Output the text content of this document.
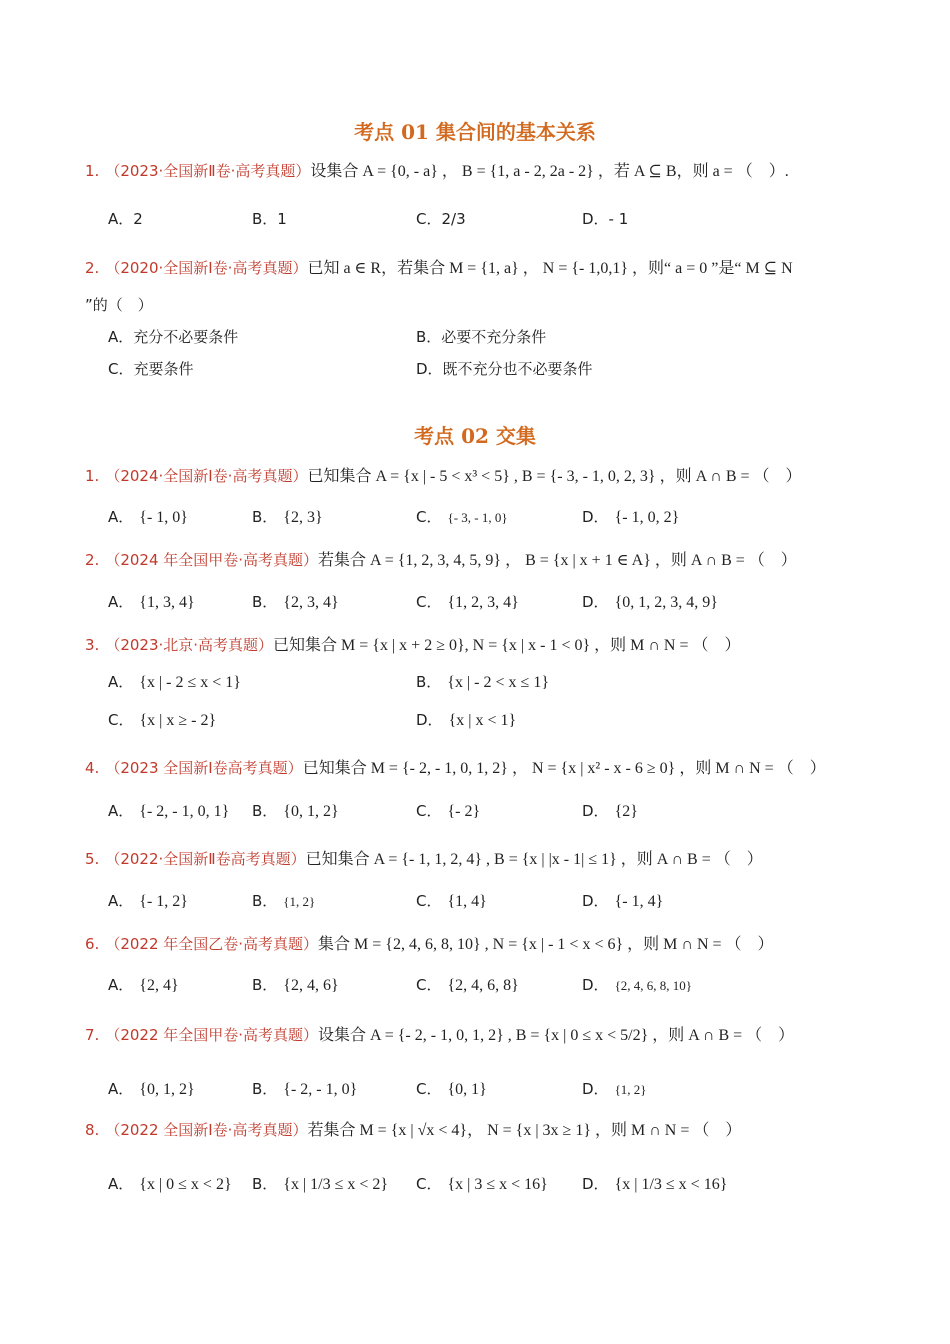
考点 01 集合间的基本关系
1. （2023·全国新Ⅱ卷·高考真题）设集合 A = {0, - a} ， B = {1, a - 2, 2a - 2} ，若 A ⊆ B，则 a = （　）.
A．2	B．1	C．2/3	D．- 1
2. （2020·全国新Ⅰ卷·高考真题）已知 a ∈ R，若集合 M = {1, a} ， N = {- 1,0,1} ，则“ a = 0 ”是“ M ⊆ N
”的（　）
A．充分不必要条件	B．必要不充分条件
C．充要条件	D．既不充分也不必要条件
考点 02 交集
1. （2024·全国新Ⅰ卷·高考真题）已知集合 A = {x | - 5 < x³ < 5} , B = {- 3, - 1, 0, 2, 3} ，则 A ∩ B = （　）
A． {- 1, 0}	B． {2, 3}	C． {- 3, - 1, 0}	D． {- 1, 0, 2}
2. （2024 年全国甲卷·高考真题）若集合 A = {1, 2, 3, 4, 5, 9} ， B = {x | x + 1 ∈ A} ，则 A ∩ B = （　）
A． {1, 3, 4}	B． {2, 3, 4}	C． {1, 2, 3, 4}	D． {0, 1, 2, 3, 4, 9}
3. （2023·北京·高考真题）已知集合 M = {x | x + 2 ≥ 0}, N = {x | x - 1 < 0} ，则 M ∩ N = （　）
A． {x | - 2 ≤ x < 1}	B． {x | - 2 < x ≤ 1}
C． {x | x ≥ - 2}	D． {x | x < 1}
4. （2023 全国新Ⅰ卷高考真题）已知集合 M = {- 2, - 1, 0, 1, 2} ， N = {x | x² - x - 6 ≥ 0} ，则 M ∩ N = （　）
A． {- 2, - 1, 0, 1} B． {0, 1, 2}	C． {- 2}	D． {2}
5. （2022·全国新Ⅱ卷高考真题）已知集合 A = {- 1, 1, 2, 4} , B = {x | |x - 1| ≤ 1} ，则 A ∩ B = （　）
A． {- 1, 2}	B． {1, 2}	C． {1, 4}	D． {- 1, 4}
6. （2022 年全国乙卷·高考真题）集合 M = {2, 4, 6, 8, 10} , N = {x | - 1 < x < 6} ，则 M ∩ N = （　）
A． {2, 4}	B． {2, 4, 6}	C． {2, 4, 6, 8}	D． {2, 4, 6, 8, 10}
7. （2022 年全国甲卷·高考真题）设集合 A = {- 2, - 1, 0, 1, 2} , B = {x | 0 ≤ x < 5/2} ，则 A ∩ B = （　）
A． {0, 1, 2}	B． {- 2, - 1, 0}	C． {0, 1}	D． {1, 2}
8. （2022 全国新Ⅰ卷·高考真题）若集合 M = {x | √x < 4}， N = {x | 3x ≥ 1} ，则 M ∩ N = （　）
A． {x | 0 ≤ x < 2} B． {x | 1/3 ≤ x < 2} C． {x | 3 ≤ x < 16} D． {x | 1/3 ≤ x < 16}
